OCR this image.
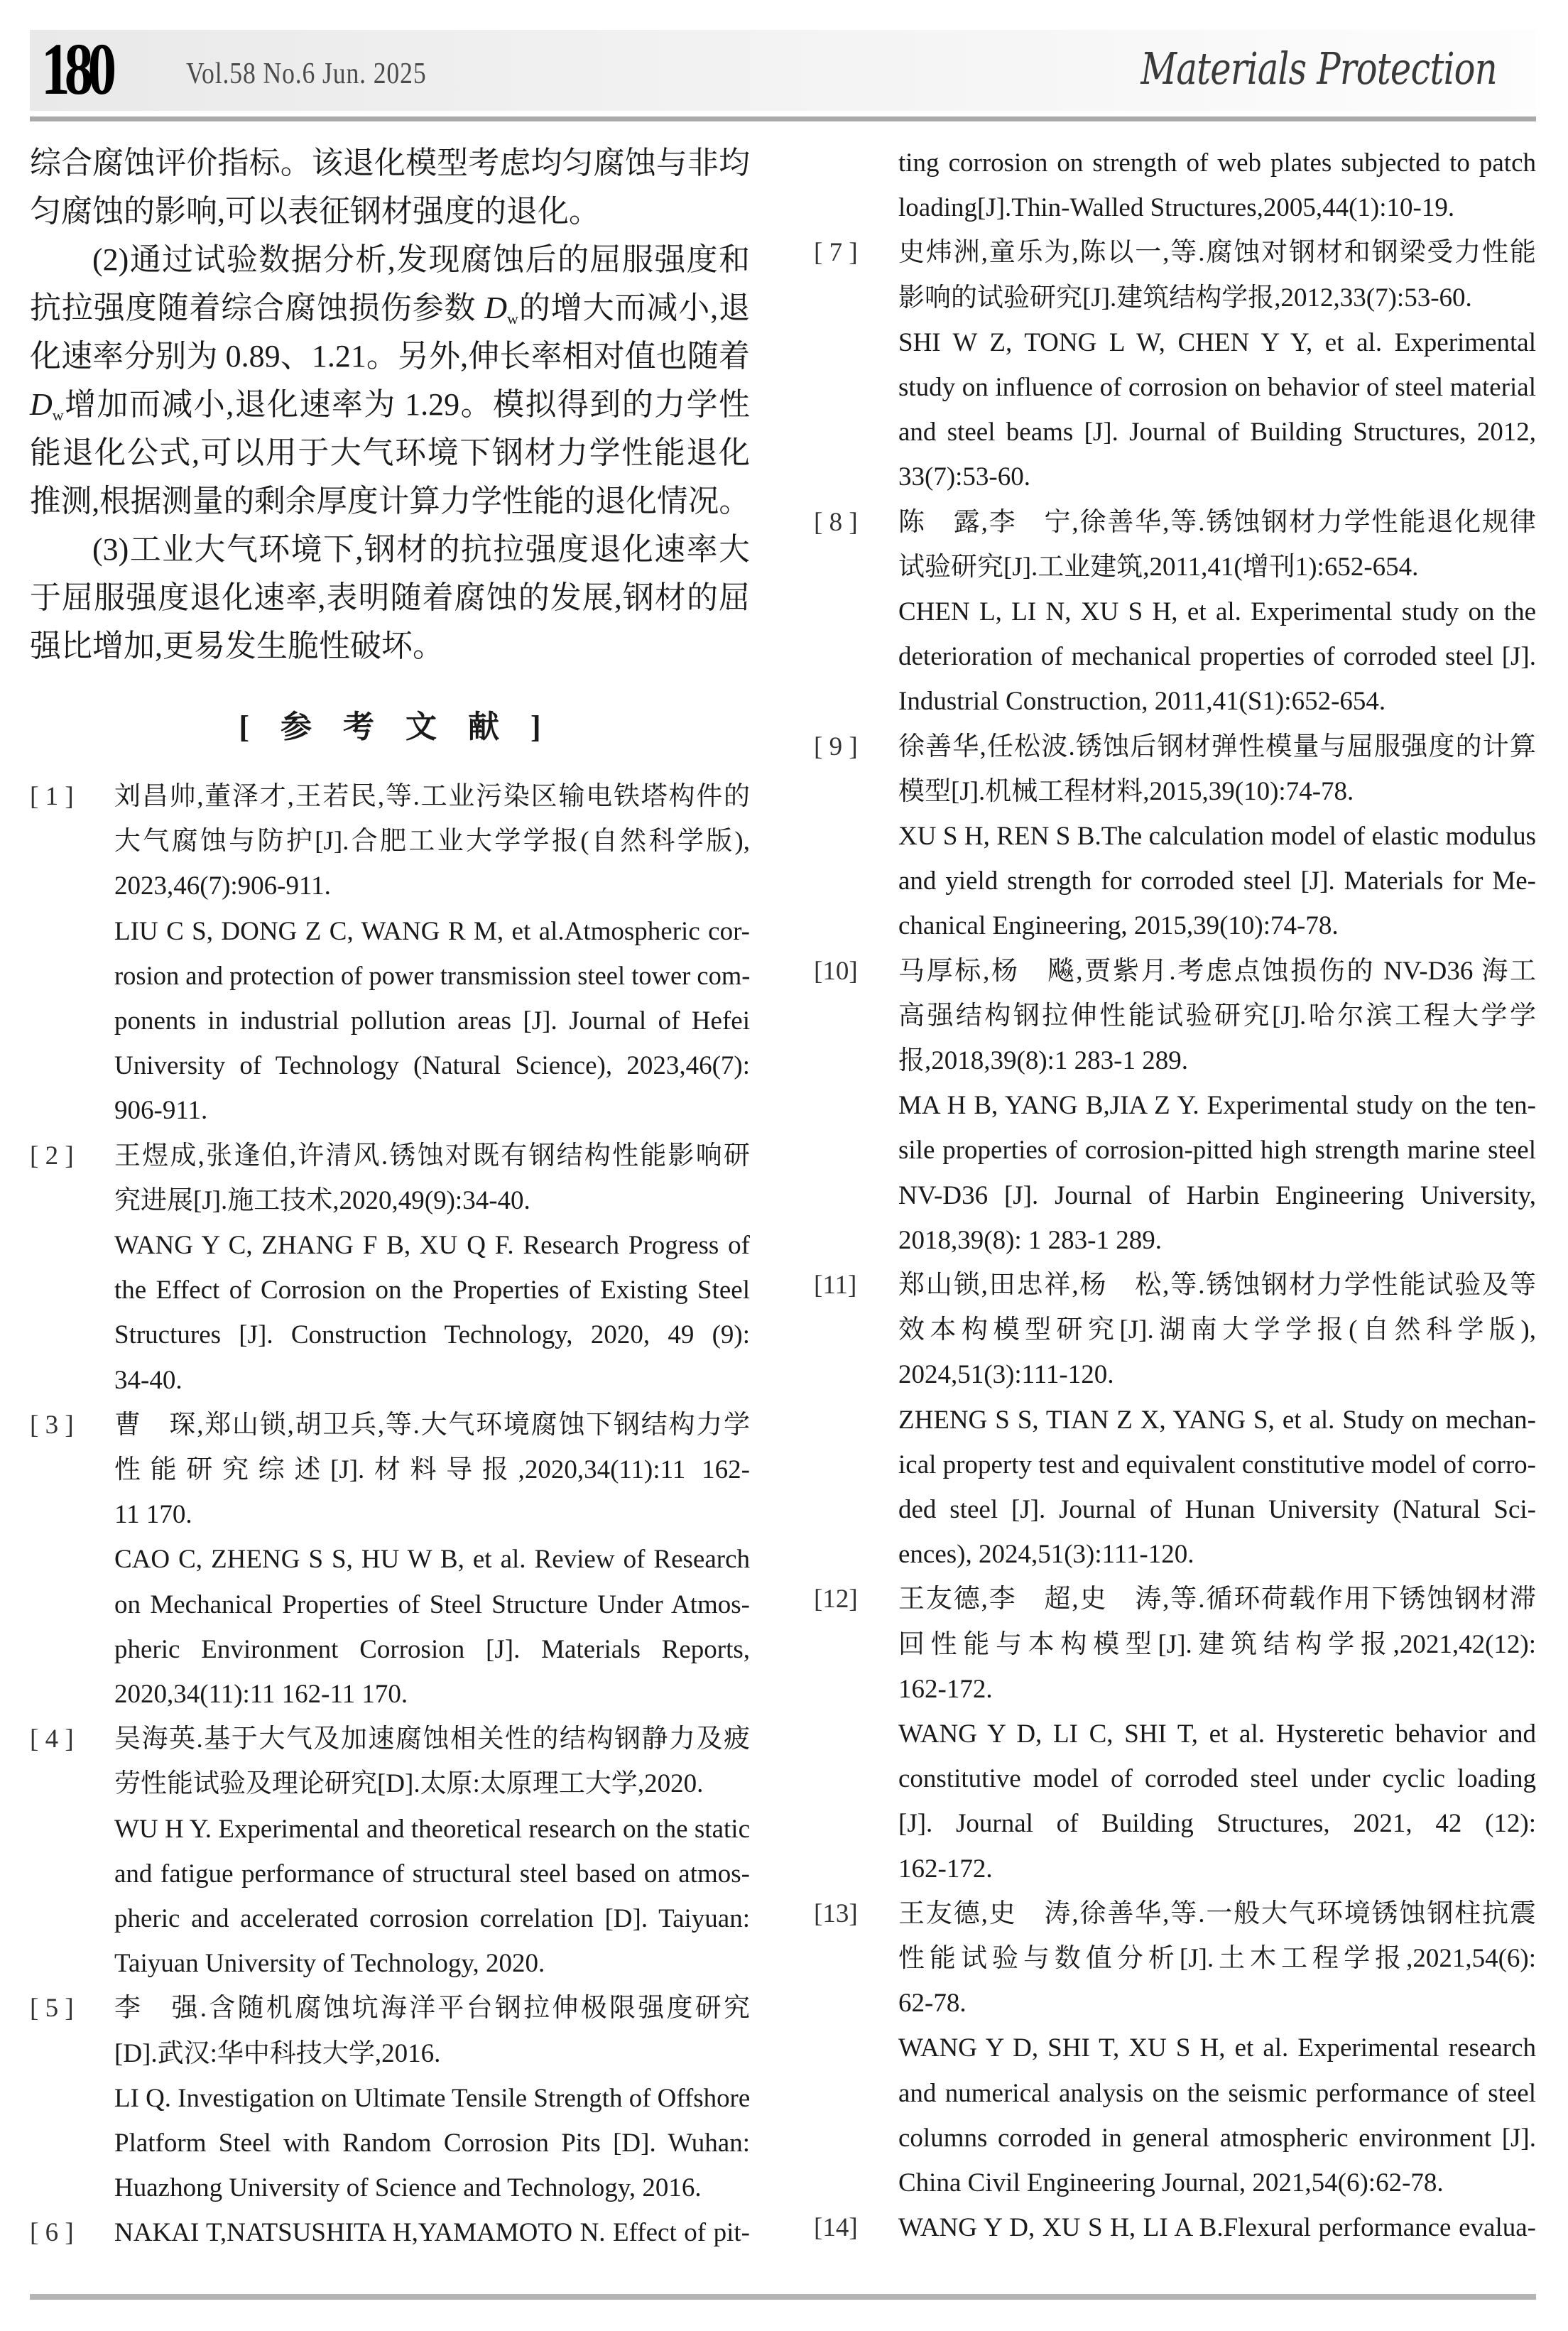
180	Vol.58 No.6 Jun. 2025	Materials Protection
综合腐蚀评价指标。该退化模型考虑均匀腐蚀与非均
匀腐蚀的影响,可以表征钢材强度的退化。
(2)通过试验数据分析,发现腐蚀后的屈服强度和
抗拉强度随着综合腐蚀损伤参数 $D_w$的增大而减小,退
化速率分别为 0.89、1.21。另外,伸长率相对值也随着
$D_w$增加而减小,退化速率为 1.29。模拟得到的力学性
能退化公式,可以用于大气环境下钢材力学性能退化
推测,根据测量的剩余厚度计算力学性能的退化情况。
(3)工业大气环境下,钢材的抗拉强度退化速率大
于屈服强度退化速率,表明随着腐蚀的发展,钢材的屈
强比增加,更易发生脆性破坏。
[ 1 ] 刘昌帅,董泽才,王若民,等.工业污染区输电铁塔构件的
大气腐蚀与防护[J].合肥工业大学学报(自然科学版),
2023,46(7):906-911.
LIU C S, DONG Z C, WANG R M, et al.Atmospheric cor-
rosion and protection of power transmission steel tower com-
ponents in industrial pollution areas [J]. Journal of Hefei
University of Technology (Natural Science), 2023,46(7):
906-911.
[ 2 ] 王煜成,张逢伯,许清风.锈蚀对既有钢结构性能影响研
究进展[J].施工技术,2020,49(9):34-40.
WANG Y C, ZHANG F B, XU Q F. Research Progress of
the Effect of Corrosion on the Properties of Existing Steel
Structures [J]. Construction Technology, 2020, 49 (9):
34-40.
[ 3 ] 曹　琛,郑山锁,胡卫兵,等.大气环境腐蚀下钢结构力学
性能研究综述[J].材料导报,2020,34(11):11 162-
11 170.
CAO C, ZHENG S S, HU W B, et al. Review of Research
on Mechanical Properties of Steel Structure Under Atmos-
pheric Environment Corrosion [J]. Materials Reports,
2020,34(11):11 162-11 170.
[ 4 ] 吴海英.基于大气及加速腐蚀相关性的结构钢静力及疲
劳性能试验及理论研究[D].太原:太原理工大学,2020.
WU H Y. Experimental and theoretical research on the static
and fatigue performance of structural steel based on atmos-
pheric and accelerated corrosion correlation [D]. Taiyuan:
Taiyuan University of Technology, 2020.
[ 5 ] 李　强.含随机腐蚀坑海洋平台钢拉伸极限强度研究
[D].武汉:华中科技大学,2016.
LI Q. Investigation on Ultimate Tensile Strength of Offshore
Platform Steel with Random Corrosion Pits [D]. Wuhan:
Huazhong University of Science and Technology, 2016.
[ 6 ] NAKAI T,NATSUSHITA H,YAMAMOTO N. Effect of pit-
[    参    考    文    献    ]
ting corrosion on strength of web plates subjected to patch
loading[J].Thin-Walled Structures,2005,44(1):10-19.
[ 7 ] 史炜洲,童乐为,陈以一,等.腐蚀对钢材和钢梁受力性能
影响的试验研究[J].建筑结构学报,2012,33(7):53-60.
SHI W Z, TONG L W, CHEN Y Y, et al. Experimental
study on influence of corrosion on behavior of steel material
and steel beams [J]. Journal of Building Structures, 2012,
33(7):53-60.
[ 8 ] 陈　露,李　宁,徐善华,等.锈蚀钢材力学性能退化规律
试验研究[J].工业建筑,2011,41(增刊1):652-654.
CHEN L, LI N, XU S H, et al. Experimental study on the
deterioration of mechanical properties of corroded steel [J].
Industrial Construction, 2011,41(S1):652-654.
[ 9 ] 徐善华,任松波.锈蚀后钢材弹性模量与屈服强度的计算
模型[J].机械工程材料,2015,39(10):74-78.
XU S H, REN S B.The calculation model of elastic modulus
and yield strength for corroded steel [J]. Materials for Me-
chanical Engineering, 2015,39(10):74-78.
[10] 马厚标,杨　飚,贾紫月.考虑点蚀损伤的 NV-D36 海工
高强结构钢拉伸性能试验研究[J].哈尔滨工程大学学
报,2018,39(8):1 283-1 289.
MA H B, YANG B,JIA Z Y. Experimental study on the ten-
sile properties of corrosion-pitted high strength marine steel
NV-D36 [J]. Journal of Harbin Engineering University,
2018,39(8): 1 283-1 289.
[11] 郑山锁,田忠祥,杨　松,等.锈蚀钢材力学性能试验及等
效本构模型研究[J].湖南大学学报(自然科学版),
2024,51(3):111-120.
ZHENG S S, TIAN Z X, YANG S, et al. Study on mechan-
ical property test and equivalent constitutive model of corro-
ded steel [J]. Journal of Hunan University (Natural Sci-
ences), 2024,51(3):111-120.
[12] 王友德,李　超,史　涛,等.循环荷载作用下锈蚀钢材滞
回性能与本构模型[J].建筑结构学报,2021,42(12):
162-172.
WANG Y D, LI C, SHI T, et al. Hysteretic behavior and
constitutive model of corroded steel under cyclic loading
[J]. Journal of Building Structures, 2021, 42 (12):
162-172.
[13] 王友德,史　涛,徐善华,等.一般大气环境锈蚀钢柱抗震
性能试验与数值分析[J].土木工程学报,2021,54(6):
62-78.
WANG Y D, SHI T, XU S H, et al. Experimental research
and numerical analysis on the seismic performance of steel
columns corroded in general atmospheric environment [J].
China Civil Engineering Journal, 2021,54(6):62-78.
[14] WANG Y D, XU S H, LI A B.Flexural performance evalua-
